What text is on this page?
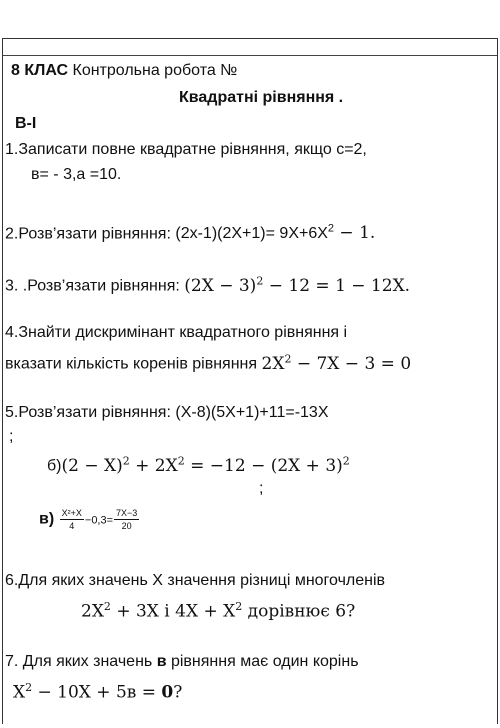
8 КЛАС Контрольна робота №
Квадратні рівняння .
В-І
1.Записати повне квадратне рівняння, якщо с=2,
в= - 3,а =10.
2.Розв’язати рівняння: $(2x-1)(2X+1)= 9X+6X^2 - 1$.
3. .Розв’язати рівняння: $(2X - 3)^2 - 12 = 1 - 12X$.
4.Знайти дискримінант квадратного рівняння і
вказати кількість коренів рівняння $2X^2 - 7X - 3 = 0$
5.Розв’язати рівняння: (X-8)(5X+1)+11=-13X
;
$б)(2 - X)^2 + 2X^2 = -12 - (2X + 3)^2$
;
$в) \frac{\text{X²+X}}{4} -0,3= \frac{7X-3}{20}$
6.Для яких значень X значення різниці многочленів
$2X^2 + 3X$ і $4X + X^2$ дорівнює 6?
7. Для яких значень в рівняння має один корінь
$X^2 - 10X + 5в = 0$?
